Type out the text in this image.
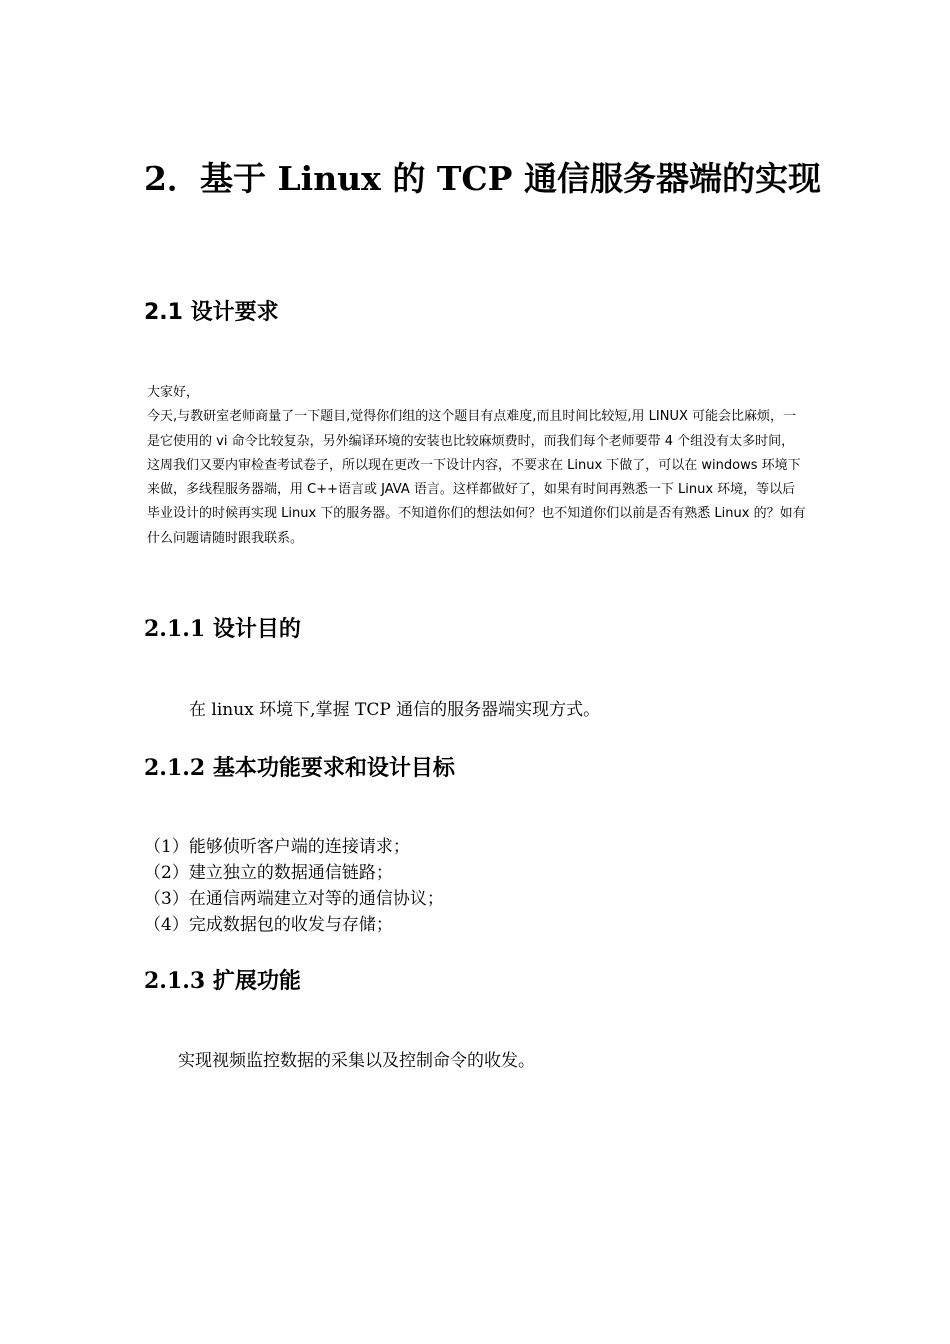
2．基于 Linux 的 TCP 通信服务器端的实现
2.1 设计要求

大家好，

今天,与教研室老师商量了一下题目,觉得你们组的这个题目有点难度,而且时间比较短,用 LINUX 可能会比麻烦，一是它使用的 vi 命令比较复杂，另外编译环境的安装也比较麻烦费时，而我们每个老师要带 4 个组没有太多时间，这周我们又要内审检查考试卷子，所以现在更改一下设计内容，不要求在 Linux 下做了，可以在 windows 环境下来做，多线程服务器端，用 C++语言或 JAVA 语言。这样都做好了，如果有时间再熟悉一下 Linux 环境，等以后毕业设计的时候再实现 Linux 下的服务器。不知道你们的想法如何？也不知道你们以前是否有熟悉 Linux 的？如有什么问题请随时跟我联系。

2.1.1 设计目的

在 linux 环境下,掌握 TCP 通信的服务器端实现方式。

2.1.2 基本功能要求和设计目标
（1）能够侦听客户端的连接请求；
（2）建立独立的数据通信链路；
（3）在通信两端建立对等的通信协议；
（4）完成数据包的收发与存储；
2.1.3 扩展功能

实现视频监控数据的采集以及控制命令的收发。
